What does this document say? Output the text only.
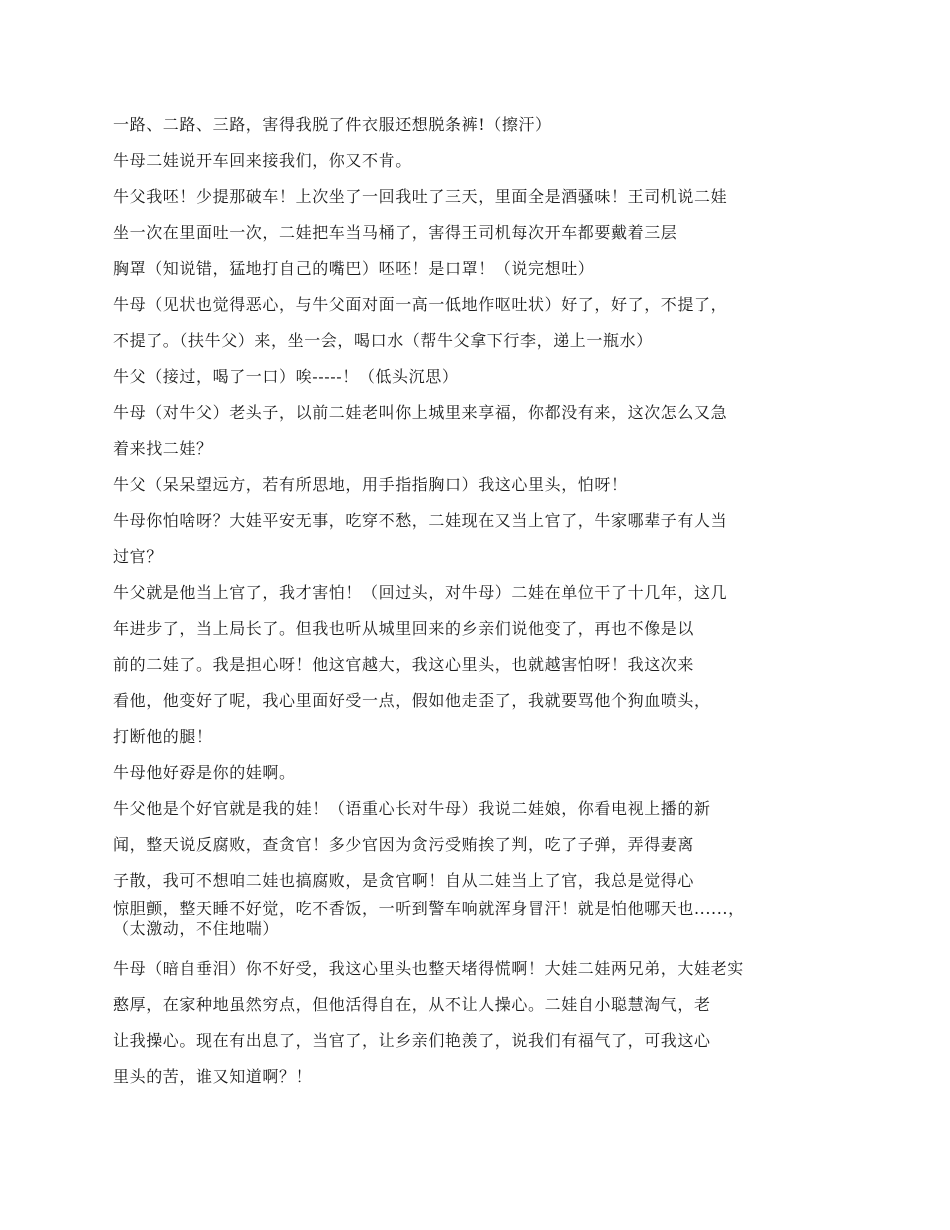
一路、二路、三路，害得我脱了件衣服还想脱条裤!（擦汗）
牛母二娃说开车回来接我们，你又不肯。
牛父我呸！少提那破车！上次坐了一回我吐了三天，里面全是酒骚味！王司机说二娃
坐一次在里面吐一次，二娃把车当马桶了，害得王司机每次开车都要戴着三层
胸罩（知说错，猛地打自己的嘴巴）呸呸！是口罩！（说完想吐）
牛母（见状也觉得恶心，与牛父面对面一高一低地作呕吐状）好了，好了，不提了，
不提了。（扶牛父）来，坐一会，喝口水（帮牛父拿下行李，递上一瓶水）
牛父（接过，喝了一口）唉-----！（低头沉思）
牛母（对牛父）老头子，以前二娃老叫你上城里来享福，你都没有来，这次怎么又急
着来找二娃？
牛父（呆呆望远方，若有所思地，用手指指胸口）我这心里头，怕呀！
牛母你怕啥呀？大娃平安无事，吃穿不愁，二娃现在又当上官了，牛家哪辈子有人当
过官？
牛父就是他当上官了，我才害怕！（回过头，对牛母）二娃在单位干了十几年，这几
年进步了，当上局长了。但我也听从城里回来的乡亲们说他变了，再也不像是以
前的二娃了。我是担心呀！他这官越大，我这心里头，也就越害怕呀！我这次来
看他，他变好了呢，我心里面好受一点，假如他走歪了，我就要骂他个狗血喷头，
打断他的腿！
牛母他好孬是你的娃啊。
牛父他是个好官就是我的娃！（语重心长对牛母）我说二娃娘，你看电视上播的新
闻，整天说反腐败，查贪官！多少官因为贪污受贿挨了判，吃了子弹，弄得妻离
子散，我可不想咱二娃也搞腐败，是贪官啊！自从二娃当上了官，我总是觉得心
惊胆颤，整天睡不好觉，吃不香饭，一听到警车响就浑身冒汗！就是怕他哪天也......，
（太激动，不住地喘）
牛母（暗自垂泪）你不好受，我这心里头也整天堵得慌啊！大娃二娃两兄弟，大娃老实
憨厚，在家种地虽然穷点，但他活得自在，从不让人操心。二娃自小聪慧淘气，老
让我操心。现在有出息了，当官了，让乡亲们艳羡了，说我们有福气了，可我这心
里头的苦，谁又知道啊？！
